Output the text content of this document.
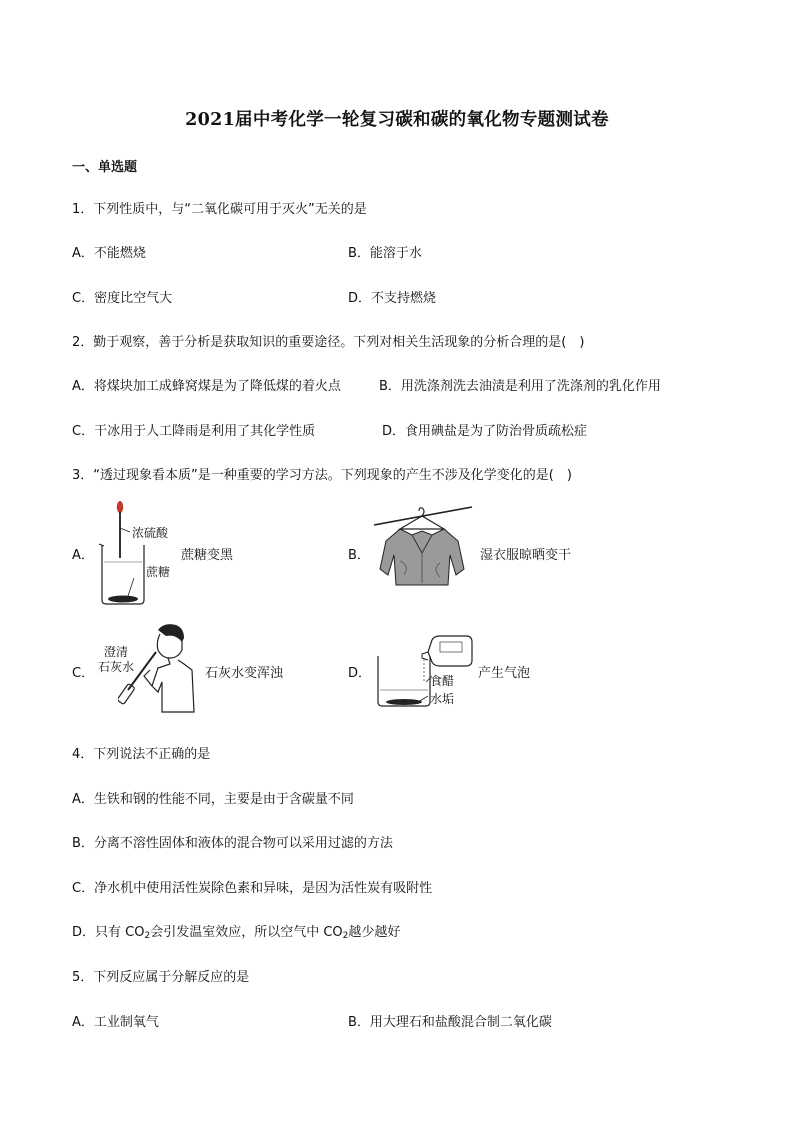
2021届中考化学一轮复习碳和碳的氧化物专题测试卷
一、单选题
1．下列性质中，与“二氧化碳可用于灭火”无关的是
A．不能燃烧	B．能溶于水
C．密度比空气大	D．不支持燃烧
2．勤于观察，善于分析是获取知识的重要途径。下列对相关生活现象的分析合理的是(　)
A．将煤块加工成蜂窝煤是为了降低煤的着火点	B．用洗涤剂洗去油渍是利用了洗涤剂的乳化作用
C．干冰用于人工降雨是利用了其化学性质	D．食用碘盐是为了防治骨质疏松症
3．“透过现象看本质”是一种重要的学习方法。下列现象的产生不涉及化学变化的是(　)
A．
浓硫酸
蔗糖
蔗糖变黑	B．	湿衣服晾晒变干
C．
澄清
石灰水	石灰水变浑浊	D．	食醋
水垢
产生气泡
4．下列说法不正确的是
A．生铁和钢的性能不同，主要是由于含碳量不同
B．分离不溶性固体和液体的混合物可以采用过滤的方法
C．净水机中使用活性炭除色素和异味，是因为活性炭有吸附性
D．只有 $CO_2$会引发温室效应，所以空气中 $CO_2$越少越好
5．下列反应属于分解反应的是
A．工业制氧气	B．用大理石和盐酸混合制二氧化碳
